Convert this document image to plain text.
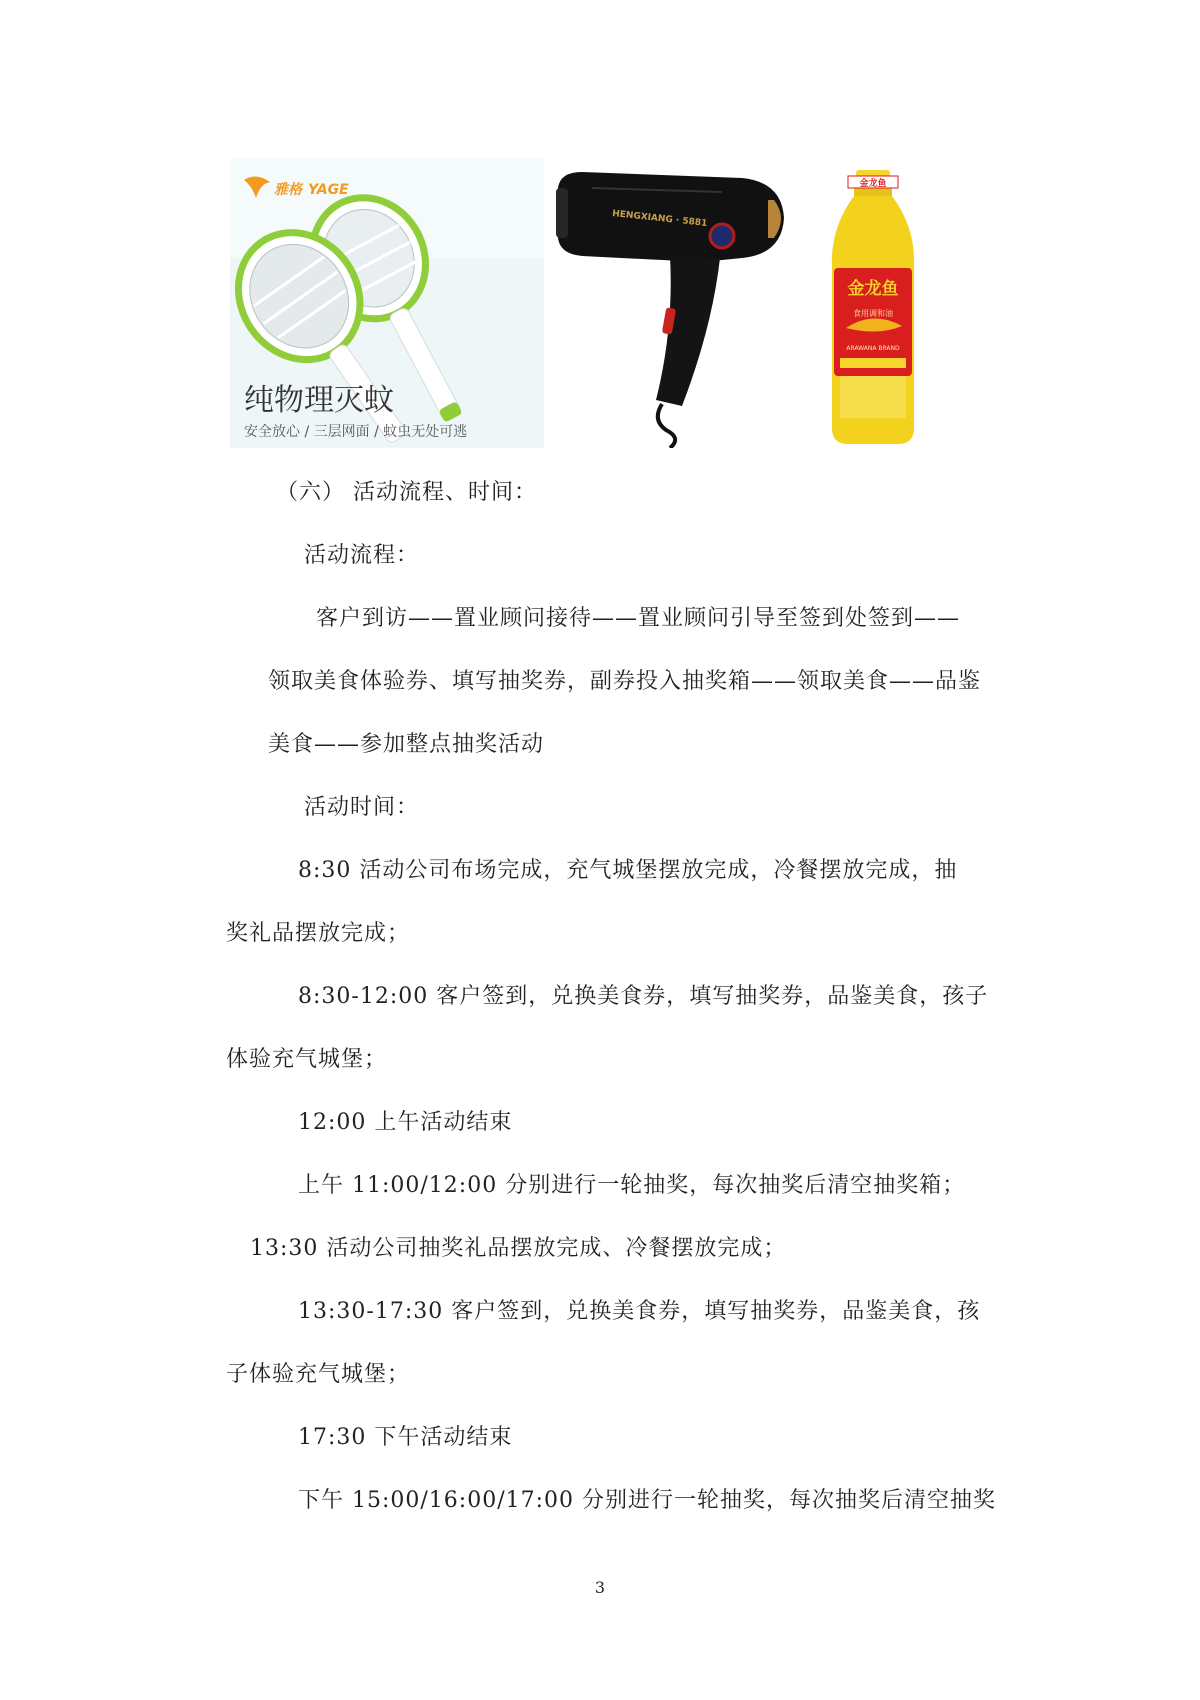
雅格 YAGE
纯物理灭蚊
安全放心 / 三层网面 / 蚊虫无处可逃
HENGXIANG · 5881
金龙鱼
金龙鱼
食用调和油
ARAWANA BRAND
（六） 活动流程、时间：
活动流程：
客户到访——置业顾问接待——置业顾问引导至签到处签到——
领取美食体验券、填写抽奖券，副券投入抽奖箱——领取美食——品鉴
美食——参加整点抽奖活动
活动时间：
8:30 活动公司布场完成，充气城堡摆放完成，冷餐摆放完成，抽
奖礼品摆放完成；
8:30-12:00 客户签到，兑换美食券，填写抽奖券，品鉴美食，孩子
体验充气城堡；
12:00 上午活动结束
上午 11:00/12:00 分别进行一轮抽奖，每次抽奖后清空抽奖箱；
13:30 活动公司抽奖礼品摆放完成、冷餐摆放完成；
13:30-17:30 客户签到，兑换美食券，填写抽奖券，品鉴美食，孩
子体验充气城堡；
17:30 下午活动结束
下午 15:00/16:00/17:00 分别进行一轮抽奖，每次抽奖后清空抽奖
3
